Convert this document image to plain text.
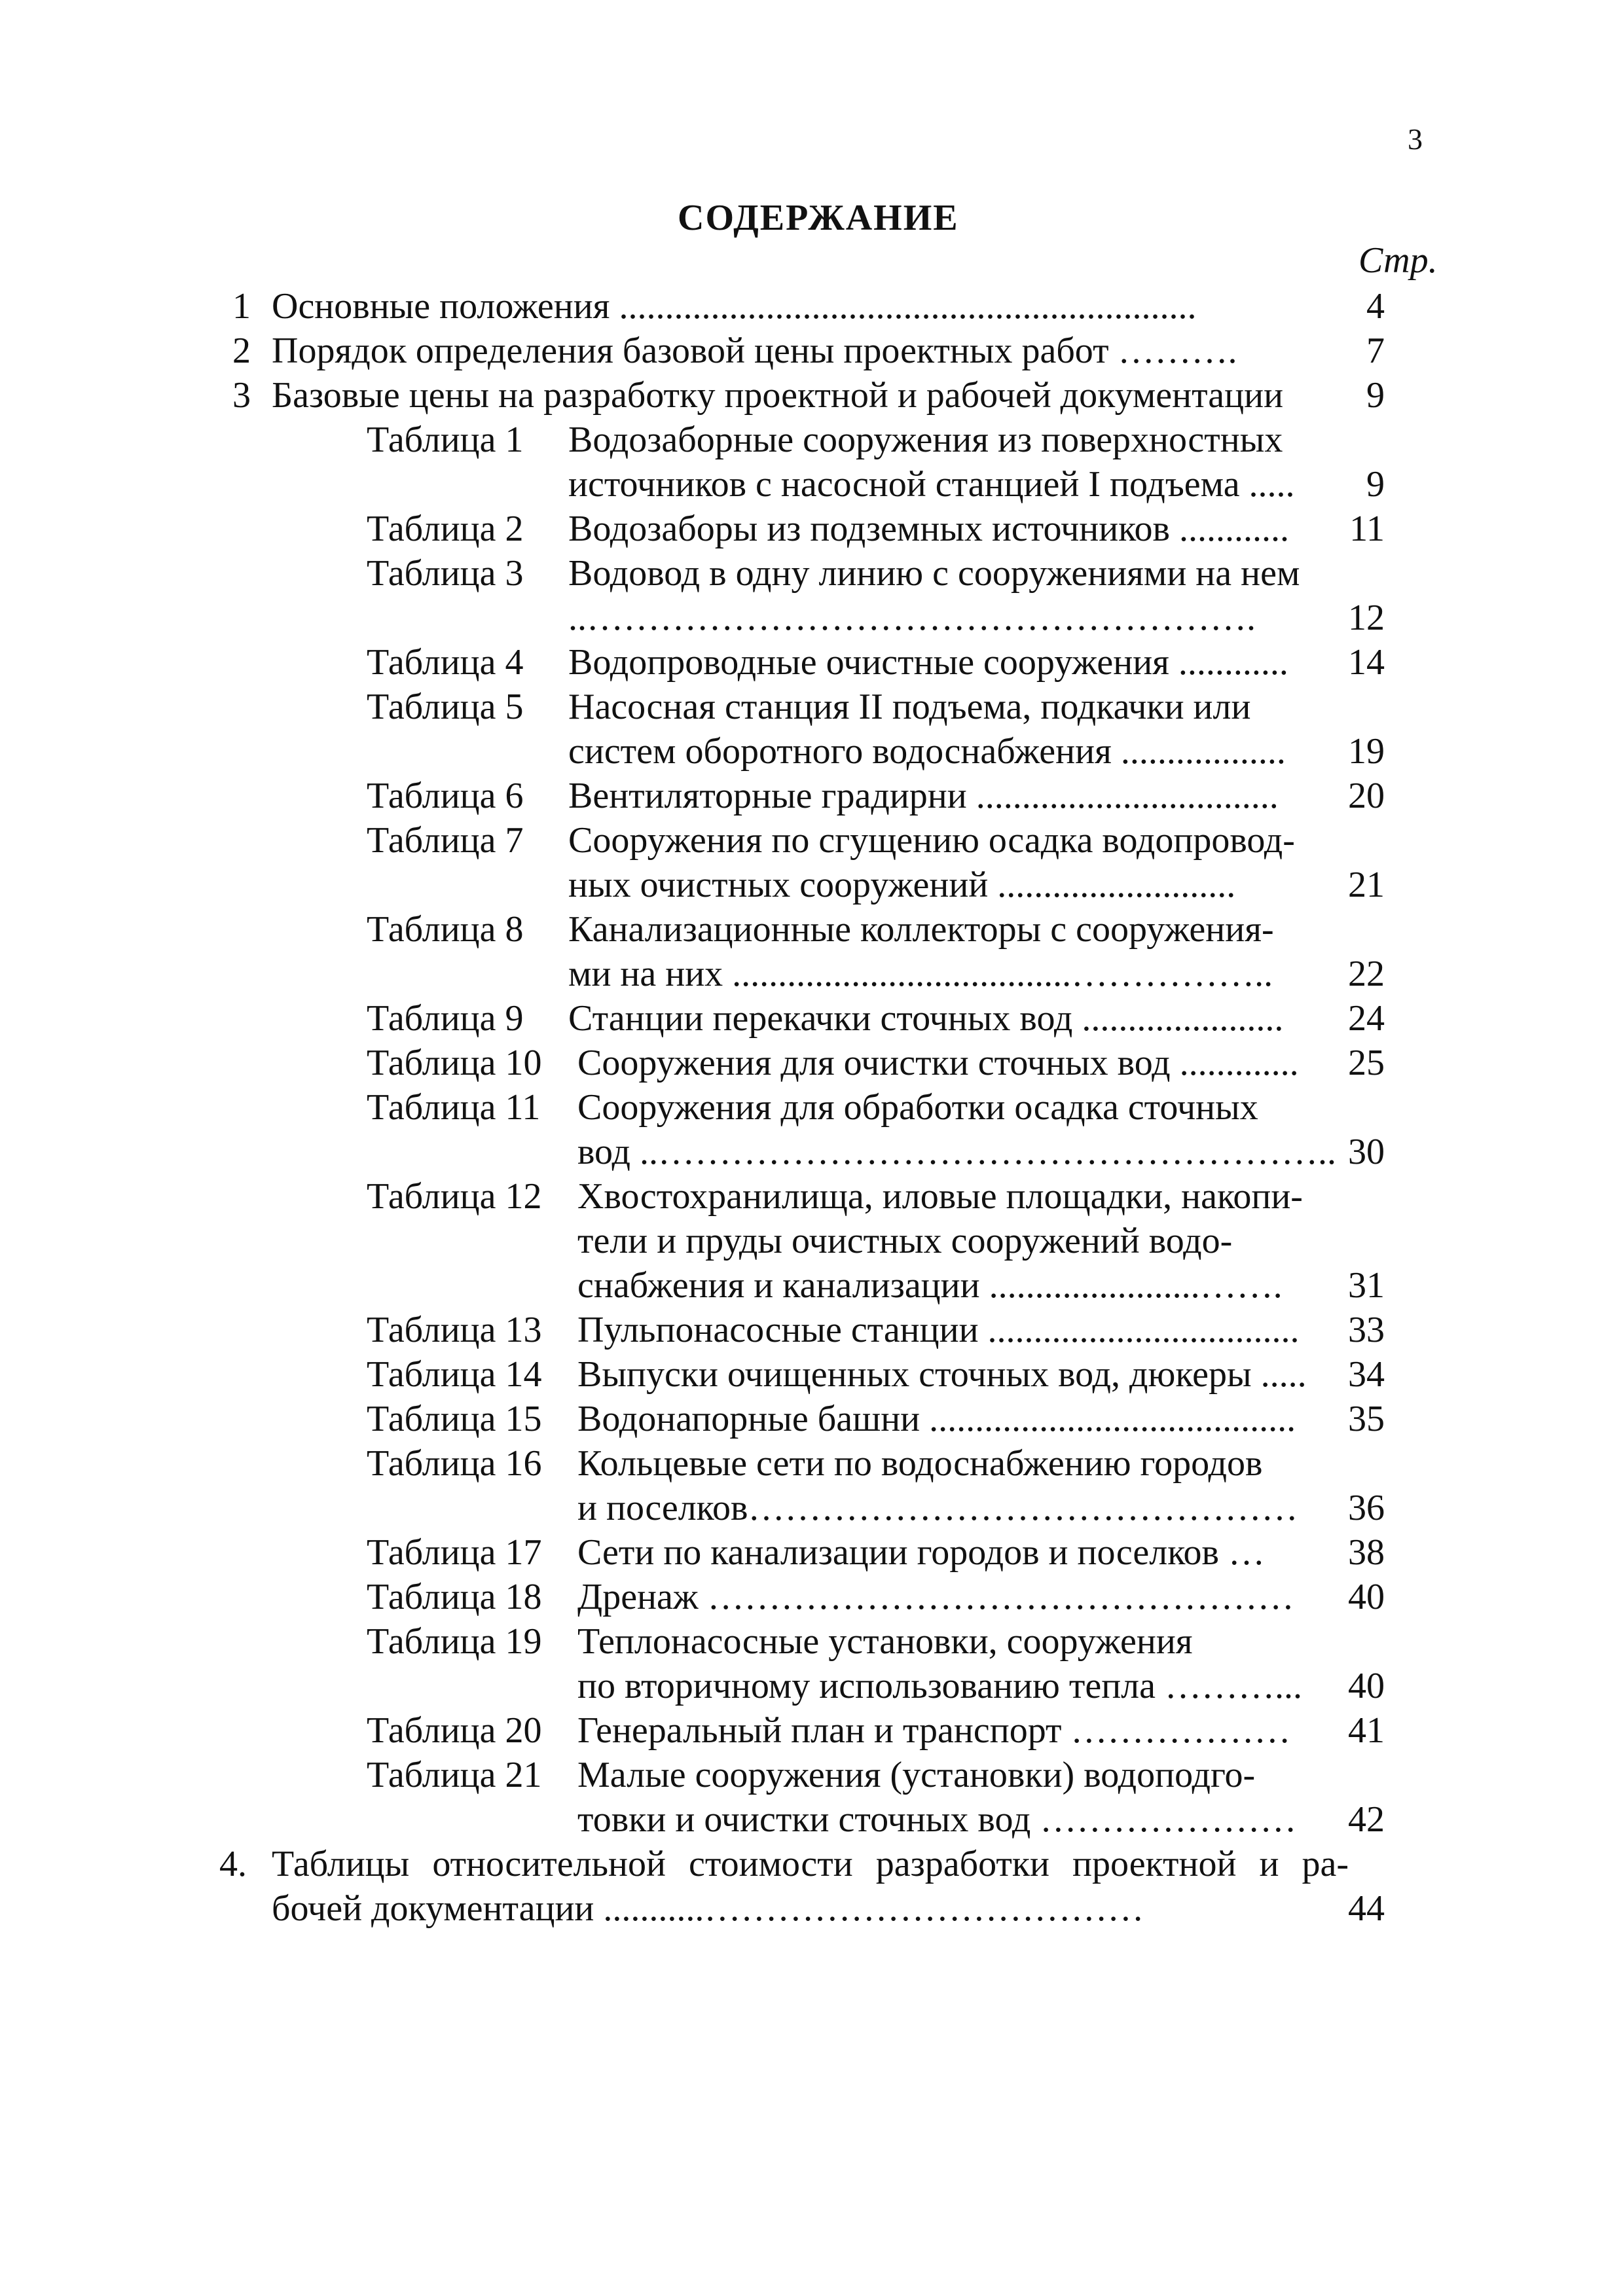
3
СОДЕРЖАНИЕ
Стр.
1 Основные положения ...............................................................	4
2 Порядок определения базовой цены проектных работ ……….	7
3 Базовые цены на разработку проектной и рабочей документации 9
Таблица 1 Водозаборные сооружения из поверхностных
источников с насосной станцией I подъема ..... 9
Таблица 2 Водозаборы из подземных источников ............ 11
Таблица 3 Водовод в одну линию с сооружениями на нем
..……………………………………………….	12
Таблица 4 Водопроводные очистные сооружения ............ 14
Таблица 5 Насосная станция II подъема, подкачки или
систем оборотного водоснабжения .................. 19
Таблица 6 Вентиляторные градирни ................................. 20
Таблица 7 Сооружения по сгущению осадка водопровод-
ных очистных сооружений ..........................	21
Таблица 8 Канализационные коллекторы с сооружения-
ми на них .....................................…………….. 22
Таблица 9 Станции перекачки сточных вод ...................... 24
Таблица 10 Сооружения для очистки сточных вод ............. 25
Таблица 11 Сооружения для обработки осадка сточных
вод ..……………………………………………….. 30
Таблица 12 Хвостохранилища, иловые площадки, накопи-
тели и пруды очистных сооружений водо-
снабжения и канализации .......................……. 31
Таблица 13 Пульпонасосные станции .................................. 33
Таблица 14 Выпуски очищенных сточных вод, дюкеры ..... 34
Таблица 15 Водонапорные башни ........................................ 35
Таблица 16 Кольцевые сети по водоснабжению городов
и поселков……………………………………… 36
Таблица 17 Сети по канализации городов и поселков … 38
Таблица 18 Дренаж ………………………………………… 40
Таблица 19 Теплонасосные установки, сооружения
по вторичному использованию тепла ………... 40
Таблица 20 Генеральный план и транспорт ……………… 41
Таблица 21 Малые сооружения (установки) водоподго-
товки и очистки сточных вод ………………… 42
4. Таблицы относительной стоимости разработки проектной и ра-
бочей документации ...........………………………………	44
